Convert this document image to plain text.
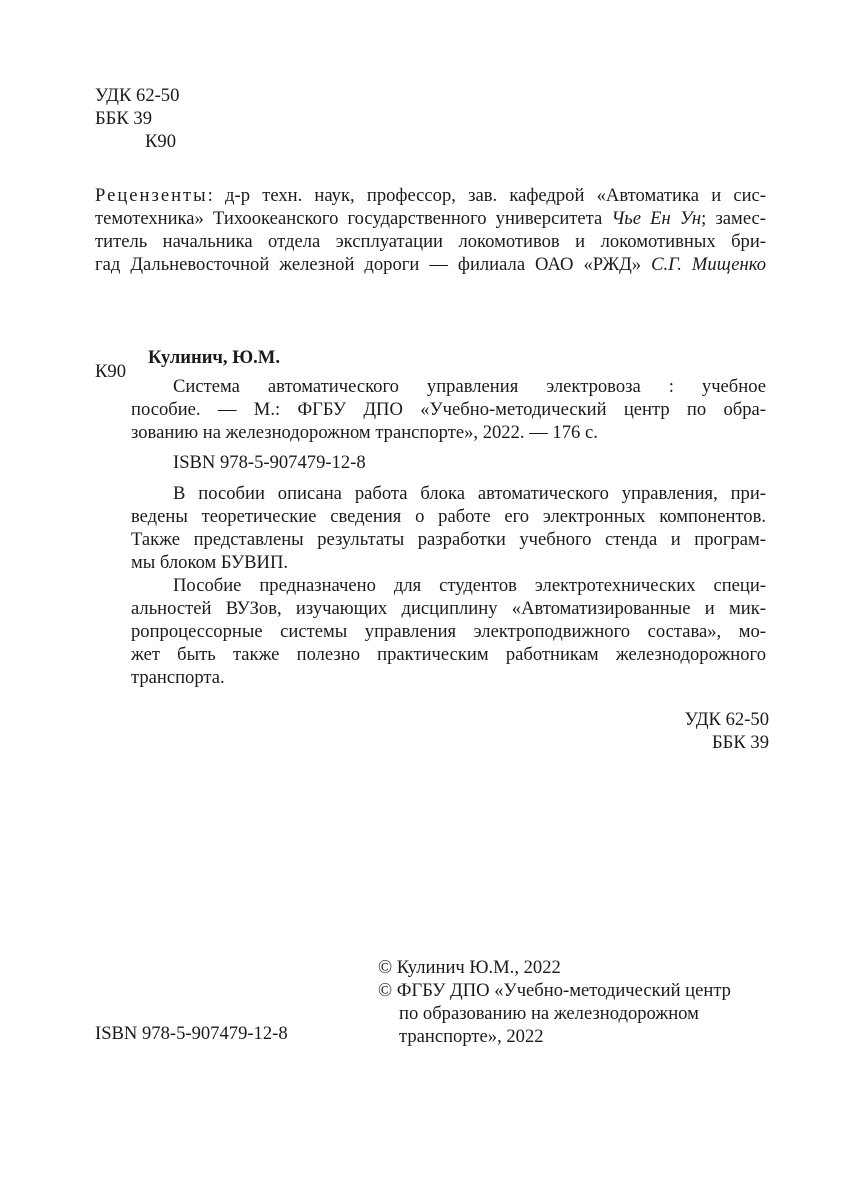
УДК 62-50
ББК 39
К90
Рецензенты: д-р техн. наук, профессор, зав. кафедрой «Автоматика и сис-
темотехника» Тихоокеанского государственного университета Чье Ен Ун; замес-
титель начальника отдела эксплуатации локомотивов и локомотивных бри-
гад Дальневосточной железной дороги — филиала ОАО «РЖД» С.Г. Мищенко
К90
Кулинич, Ю.М.
Система автоматического управления электровоза : учебное
пособие. — М.: ФГБУ ДПО «Учебно-методический центр по обра-
зованию на железнодорожном транспорте», 2022. — 176 с.
ISBN 978-5-907479-12-8
В пособии описана работа блока автоматического управления, при-
ведены теоретические сведения о работе его электронных компонентов.
Также представлены результаты разработки учебного стенда и програм-
мы блоком БУВИП.
Пособие предназначено для студентов электротехнических специ-
альностей ВУЗов, изучающих дисциплину «Автоматизированные и мик-
ропроцессорные системы управления электроподвижного состава», мо-
жет быть также полезно практическим работникам железнодорожного
транспорта.
УДК 62-50
ББК 39
© Кулинич Ю.М., 2022
© ФГБУ ДПО «Учебно-методический центр
по образованию на железнодорожном
транспорте», 2022
ISBN 978-5-907479-12-8
